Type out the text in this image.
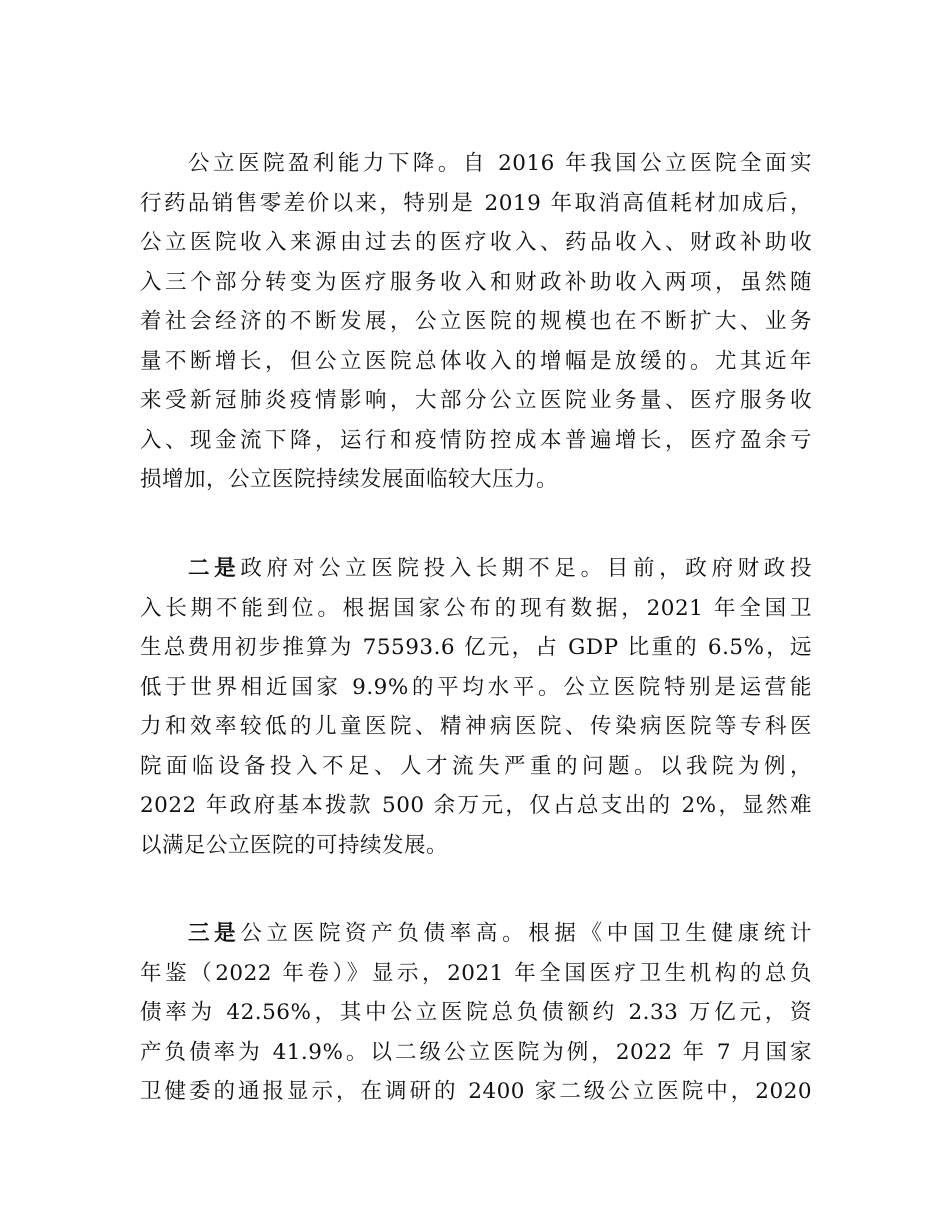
公立医院盈利能力下降。自 2016 年我国公立医院全面实
行药品销售零差价以来，特别是 2019 年取消高值耗材加成后，
公立医院收入来源由过去的医疗收入、药品收入、财政补助收
入三个部分转变为医疗服务收入和财政补助收入两项，虽然随
着社会经济的不断发展，公立医院的规模也在不断扩大、业务
量不断增长，但公立医院总体收入的增幅是放缓的。尤其近年
来受新冠肺炎疫情影响，大部分公立医院业务量、医疗服务收
入、现金流下降，运行和疫情防控成本普遍增长，医疗盈余亏
损增加，公立医院持续发展面临较大压力。

二是政府对公立医院投入长期不足。目前，政府财政投
入长期不能到位。根据国家公布的现有数据，2021 年全国卫
生总费用初步推算为 75593.6 亿元，占 GDP 比重的 6.5%，远
低于世界相近国家 9.9%的平均水平。公立医院特别是运营能
力和效率较低的儿童医院、精神病医院、传染病医院等专科医
院面临设备投入不足、人才流失严重的问题。以我院为例，
2022 年政府基本拨款 500 余万元，仅占总支出的 2%，显然难
以满足公立医院的可持续发展。

三是公立医院资产负债率高。根据《中国卫生健康统计
年鉴（2022 年卷）》显示，2021 年全国医疗卫生机构的总负
债率为 42.56%，其中公立医院总负债额约 2.33 万亿元，资
产负债率为 41.9%。以二级公立医院为例，2022 年 7 月国家
卫健委的通报显示，在调研的 2400 家二级公立医院中，2020
